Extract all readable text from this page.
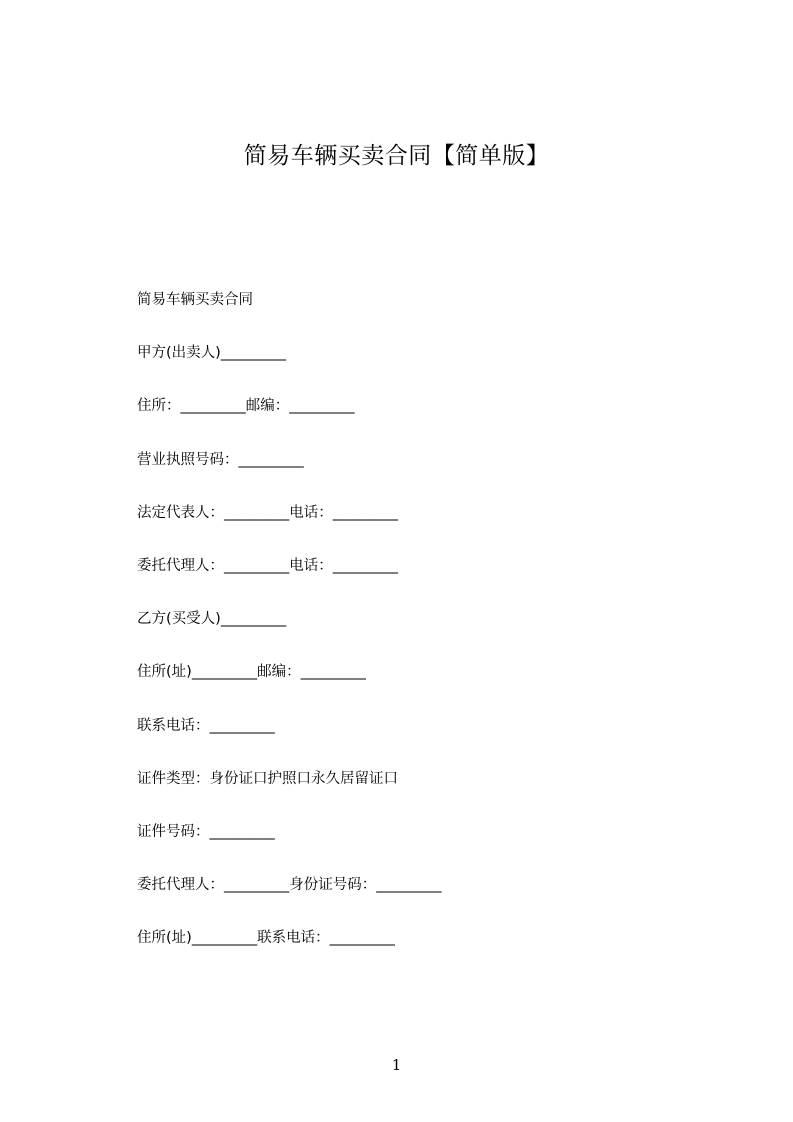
简易车辆买卖合同【简单版】
简易车辆买卖合同
甲方(出卖人)_________
住所：_________邮编：_________
营业执照号码：_________
法定代表人：_________电话：_________
委托代理人：_________电话：_________
乙方(买受人)_________
住所(址)_________邮编：_________
联系电话：_________
证件类型：身份证口护照口永久居留证口
证件号码：_________
委托代理人：_________身份证号码：_________
住所(址)_________联系电话：_________
1
